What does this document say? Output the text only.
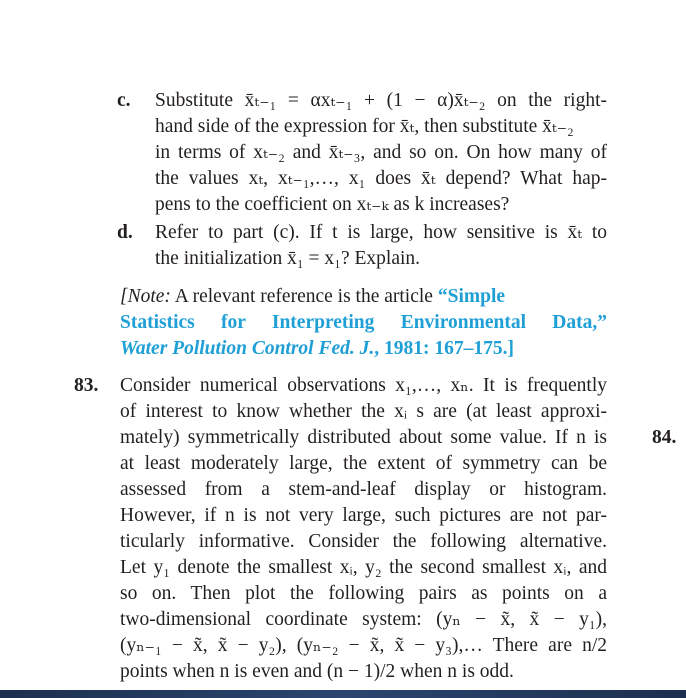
c. Substitute x̄ₜ₋₁ = αxₜ₋₁ + (1 − α)x̄ₜ₋₂ on the right-
hand side of the expression for x̄ₜ, then substitute x̄ₜ₋₂
in terms of xₜ₋₂ and x̄ₜ₋₃, and so on. On how many of
the values xₜ, xₜ₋₁,…, x₁ does x̄ₜ depend? What hap-
pens to the coefficient on xₜ₋ₖ as k increases?
d. Refer to part (c). If t is large, how sensitive is x̄ₜ to
the initialization x̄₁ = x₁? Explain.
[Note: A relevant reference is the article “Simple
Statistics for Interpreting Environmental Data,”
Water Pollution Control Fed. J., 1981: 167–175.]
83. Consider numerical observations x₁,…, xₙ. It is frequently
of interest to know whether the xᵢ s are (at least approxi-
mately) symmetrically distributed about some value. If n is
at least moderately large, the extent of symmetry can be
assessed from a stem-and-leaf display or histogram.
However, if n is not very large, such pictures are not par-
ticularly informative. Consider the following alternative.
Let y₁ denote the smallest xᵢ, y₂ the second smallest xᵢ, and
so on. Then plot the following pairs as points on a
two-dimensional coordinate system: (yₙ − x̃, x̃ − y₁),
(yₙ₋₁ − x̃, x̃ − y₂), (yₙ₋₂ − x̃, x̃ − y₃),… There are n/2
points when n is even and (n − 1)/2 when n is odd.
84.
